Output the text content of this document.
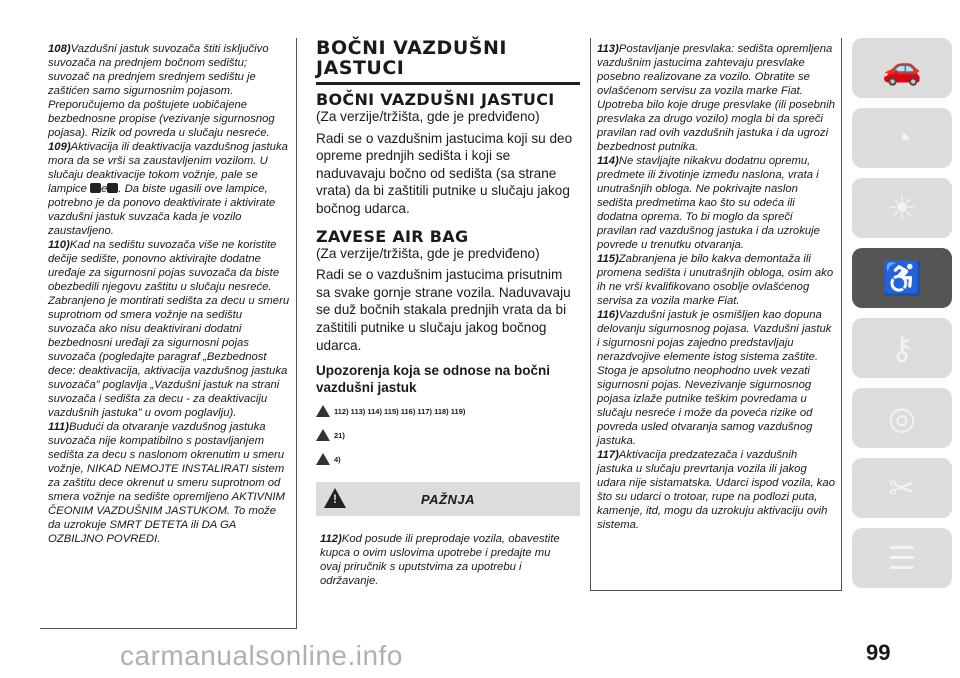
108)Vazdušni jastuk suvozača štiti isključivo suvozača na prednjem bočnom sedištu; suvozač na prednjem srednjem sedištu je zaštićen samo sigurnosnim pojasom. Preporučujemo da poštujete uobičajene bezbednosne propise (vezivanje sigurnosnog pojasa). Rizik od povreda u slučaju nesreće.

109)Aktivacija ili deaktivacija vazdušnog jastuka mora da se vrši sa zaustavljenim vozilom. U slučaju deaktivacije tokom vožnje, pale se lampice e . Da biste ugasili ove lampice, potrebno je da ponovo deaktivirate i aktivirate vazdušni jastuk suvzača kada je vozilo zaustavljeno.

110)Kad na sedištu suvozača više ne koristite dečije sedište, ponovno aktivirajte dodatne uređaje za sigurnosni pojas suvozača da biste obezbedili njegovu zaštitu u slučaju nesreće. Zabranjeno je montirati sedišta za decu u smeru suprotnom od smera vožnje na sedištu suvozača ako nisu deaktivirani dodatni bezbednosni uređaji za sigurnosni pojas suvozača (pogledajte paragraf „Bezbednost dece: deaktivacija, aktivacija vazdušnog jastuka suvozača” poglavlja „Vazdušni jastuk na strani suvozača i sedišta za decu - za deaktivaciju vazdušnih jastuka” u ovom poglavlju).

111)Budući da otvaranje vazdušnog jastuka suvozača nije kompatibilno s postavljanjem sedišta za decu s naslonom okrenutim u smeru vožnje, NIKAD NEMOJTE INSTALIRATI sistem za zaštitu dece okrenut u smeru suprotnom od smera vožnje na sedište opremljeno AKTIVNIM ČEONIM VAZDUŠNIM JASTUKOM. To može da uzrokuje SMRT DETETA ili DA GA OZBILJNO POVREDI.

BOČNI VAZDUŠNI JASTUCI
BOČNI VAZDUŠNI JASTUCI

(Za verzije/tržišta, gde je predviđeno)

Radi se o vazdušnim jastucima koji su deo opreme prednjih sedišta i koji se naduvavaju bočno od sedišta (sa strane vrata) da bi zaštitili putnike u slučaju jakog bočnog udarca.

ZAVESE AIR BAG

(Za verzije/tržišta, gde je predviđeno)

Radi se o vazdušnim jastucima prisutnim sa svake gornje strane vozila. Naduvavaju se duž bočnih stakala prednjih vrata da bi zaštitili putnike u slučaju jakog bočnog udarca.

Upozorenja koja se odnose na bočni vazdušni jastuk
112) 113) 114) 115) 116) 117) 118) 119)
21)
4)
!
PAŽNJA

112)Kod posude ili preprodaje vozila, obavestite kupca o ovim uslovima upotrebe i predajte mu ovaj priručnik s uputstvima za upotrebu i održavanje.

113)Postavljanje presvlaka: sedišta opremljena vazdušnim jastucima zahtevaju presvlake posebno realizovane za vozilo. Obratite se ovlašćenom servisu za vozila marke Fiat. Upotreba bilo koje druge presvlake (ili posebnih presvlaka za drugo vozilo) mogla bi da spreči pravilan rad ovih vazdušnih jastuka i da ugrozi bezbednost putnika.

114)Ne stavljajte nikakvu dodatnu opremu, predmete ili životinje između naslona, vrata i unutrašnjih obloga. Ne pokrivajte naslon sedišta predmetima kao što su odeća ili dodatna oprema. To bi moglo da spreči pravilan rad vazdušnog jastuka i da uzrokuje povrede u trenutku otvaranja.

115)Zabranjena je bilo kakva demontaža ili promena sedišta i unutrašnjih obloga, osim ako ih ne vrši kvalifikovano osoblje ovlašćenog servisa za vozila marke Fiat.

116)Vazdušni jastuk je osmišljen kao dopuna delovanju sigurnosnog pojasa. Vazdušni jastuk i sigurnosni pojas zajedno predstavljaju nerazdvojive elemente istog sistema zaštite. Stoga je apsolutno neophodno uvek vezati sigurnosni pojas. Nevezivanje sigurnosnog pojasa izlaže putnike teškim povredama u slučaju nesreće i može da poveća rizike od povreda usled otvaranja samog vazdušnog jastuka.

117)Aktivacija predzatezača i vazdušnih jastuka u slučaju prevrtanja vozila ili jakog udara nije sistamatska. Udarci ispod vozila, kao što su udarci o trotoar, rupe na podlozi puta, kamenje, itd, mogu da uzrokuju aktivaciju ovih sistema.

🚗
◔
☀
♿
⚷
◎
✂
☰
99
carmanualsonline.info
